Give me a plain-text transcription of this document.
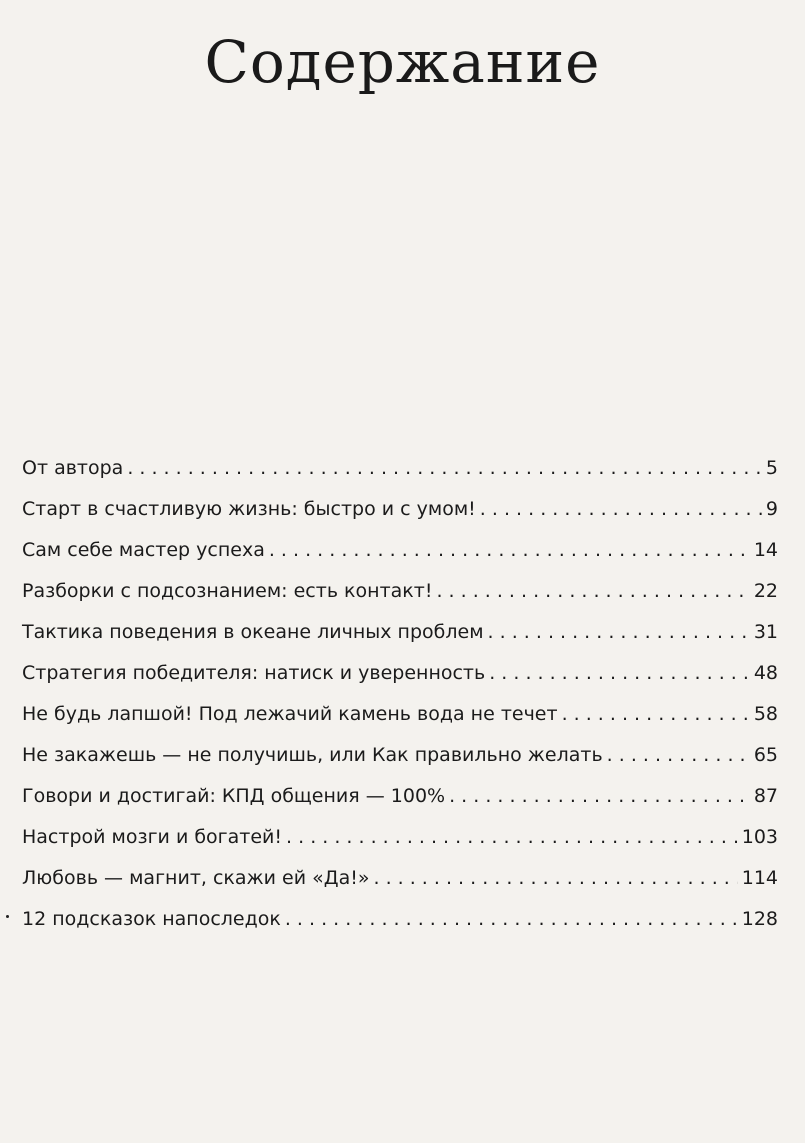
Содержание
От автора . . .	5
Старт в счастливую жизнь: быстро и с умом! . . .	9
Сам себе мастер успеха . . .	14
Разборки с подсознанием: есть контакт! . . .	22
Тактика поведения в океане личных проблем . . .	31
Стратегия победителя: натиск и уверенность . . .	48
Не будь лапшой! Под лежачий камень вода не течет . . .	58
Не закажешь — не получишь, или Как правильно желать . . .	65
Говори и достигай: КПД общения — 100% . . .	87
Настрой мозги и богатей! . . .	103
Любовь — магнит, скажи ей «Да!» . . .	114
12 подсказок напоследок . . .	128
